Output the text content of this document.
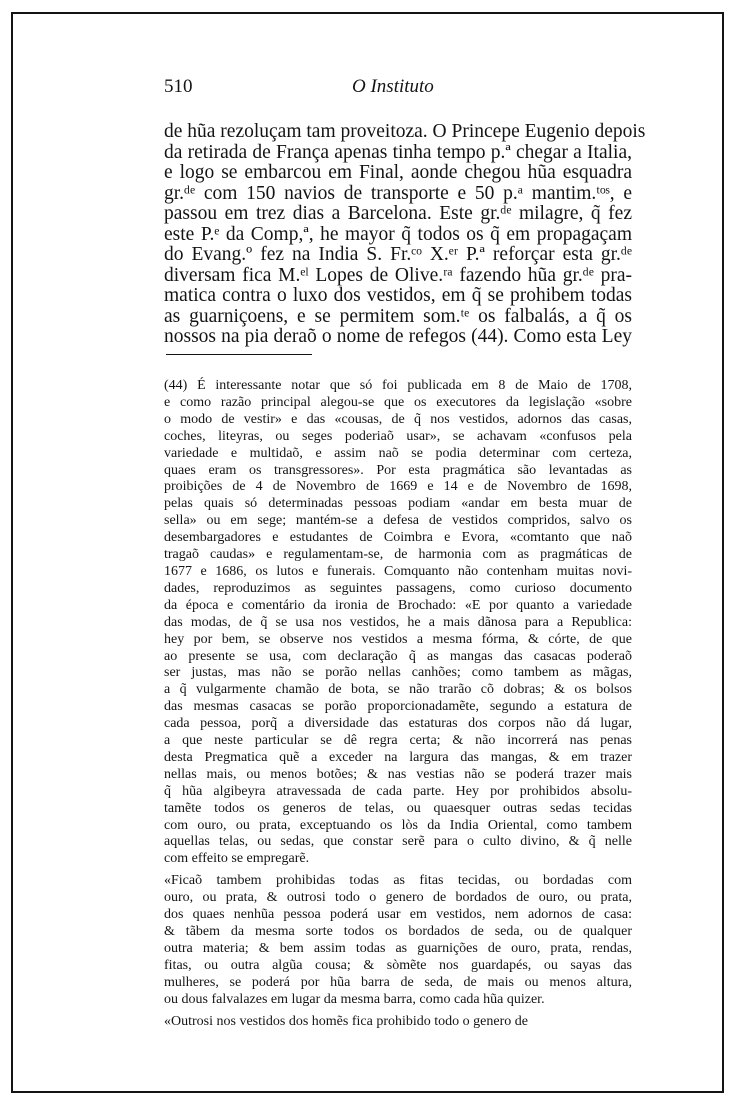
510	O Instituto
de hũa rezoluçam tam proveitoza. O Princepe Eugenio depois
da retirada de França apenas tinha tempo p.ª chegar a Italia,
e logo se embarcou em Final, aonde chegou hũa esquadra
gr.ᵈᵉ com 150 navios de transporte e 50 p.ᵃ mantim.ᵗᵒˢ, e
passou em trez dias a Barcelona. Este gr.ᵈᵉ milagre, q̃ fez
este P.ᵉ da Comp,ª, he mayor q̃ todos os q̃ em propagaçam
do Evang.º fez na India S. Fr.ᶜᵒ X.ᵉʳ P.ª reforçar esta gr.ᵈᵉ
diversam fica M.ᵉˡ Lopes de Olive.ʳᵃ fazendo hũa gr.ᵈᵉ pra-
matica contra o luxo dos vestidos, em q̃ se prohibem todas
as guarniçoens, e se permitem som.ᵗᵉ os falbalás, a q̃ os
nossos na pia deraõ o nome de refegos (44). Como esta Ley
(44) É interessante notar que só foi publicada em 8 de Maio de 1708,
e como razão principal alegou-se que os executores da legislação «sobre
o modo de vestir» e das «cousas, de q̃ nos vestidos, adornos das casas,
coches, liteyras, ou seges poderiaõ usar», se achavam «confusos pela
variedade e multidaõ, e assim naõ se podia determinar com certeza,
quaes eram os transgressores». Por esta pragmática são levantadas as
proibições de 4 de Novembro de 1669 e 14 e de Novembro de 1698,
pelas quais só determinadas pessoas podiam «andar em besta muar de
sella» ou em sege; mantém-se a defesa de vestidos compridos, salvo os
desembargadores e estudantes de Coimbra e Evora, «comtanto que naõ
tragaõ caudas» e regulamentam-se, de harmonia com as pragmáticas de
1677 e 1686, os lutos e funerais. Comquanto não contenham muitas novi-
dades, reproduzimos as seguintes passagens, como curioso documento
da época e comentário da ironia de Brochado: «E por quanto a variedade
das modas, de q̃ se usa nos vestidos, he a mais dãnosa para a Republica:
hey por bem, se observe nos vestidos a mesma fórma, & córte, de que
ao presente se usa, com declaração q̃ as mangas das casacas poderaõ
ser justas, mas não se porão nellas canhões; como tambem as mãgas,
a q̃ vulgarmente chamão de bota, se não trarão cõ dobras; & os bolsos
das mesmas casacas se porão proporcionadamẽte, segundo a estatura de
cada pessoa, porq̃ a diversidade das estaturas dos corpos não dá lugar,
a que neste particular se dê regra certa; & não incorrerá nas penas
desta Pregmatica quẽ a exceder na largura das mangas, & em trazer
nellas mais, ou menos botões; & nas vestias não se poderá trazer mais
q̃ hũa algibeyra atravessada de cada parte. Hey por prohibidos absolu-
tamẽte todos os generos de telas, ou quaesquer outras sedas tecidas
com ouro, ou prata, exceptuando os lòs da India Oriental, como tambem
aquellas telas, ou sedas, que constar serẽ para o culto divino, & q̃ nelle
com effeito se empregarẽ.
«Ficaõ tambem prohibidas todas as fitas tecidas, ou bordadas com
ouro, ou prata, & outrosi todo o genero de bordados de ouro, ou prata,
dos quaes nenhũa pessoa poderá usar em vestidos, nem adornos de casa:
& tãbem da mesma sorte todos os bordados de seda, ou de qualquer
outra materia; & bem assim todas as guarnições de ouro, prata, rendas,
fitas, ou outra algũa cousa; & sòmẽte nos guardapés, ou sayas das
mulheres, se poderá por hũa barra de seda, de mais ou menos altura,
ou dous falvalazes em lugar da mesma barra, como cada hũa quizer.
«Outrosi nos vestidos dos homẽs fica prohibido todo o genero de
